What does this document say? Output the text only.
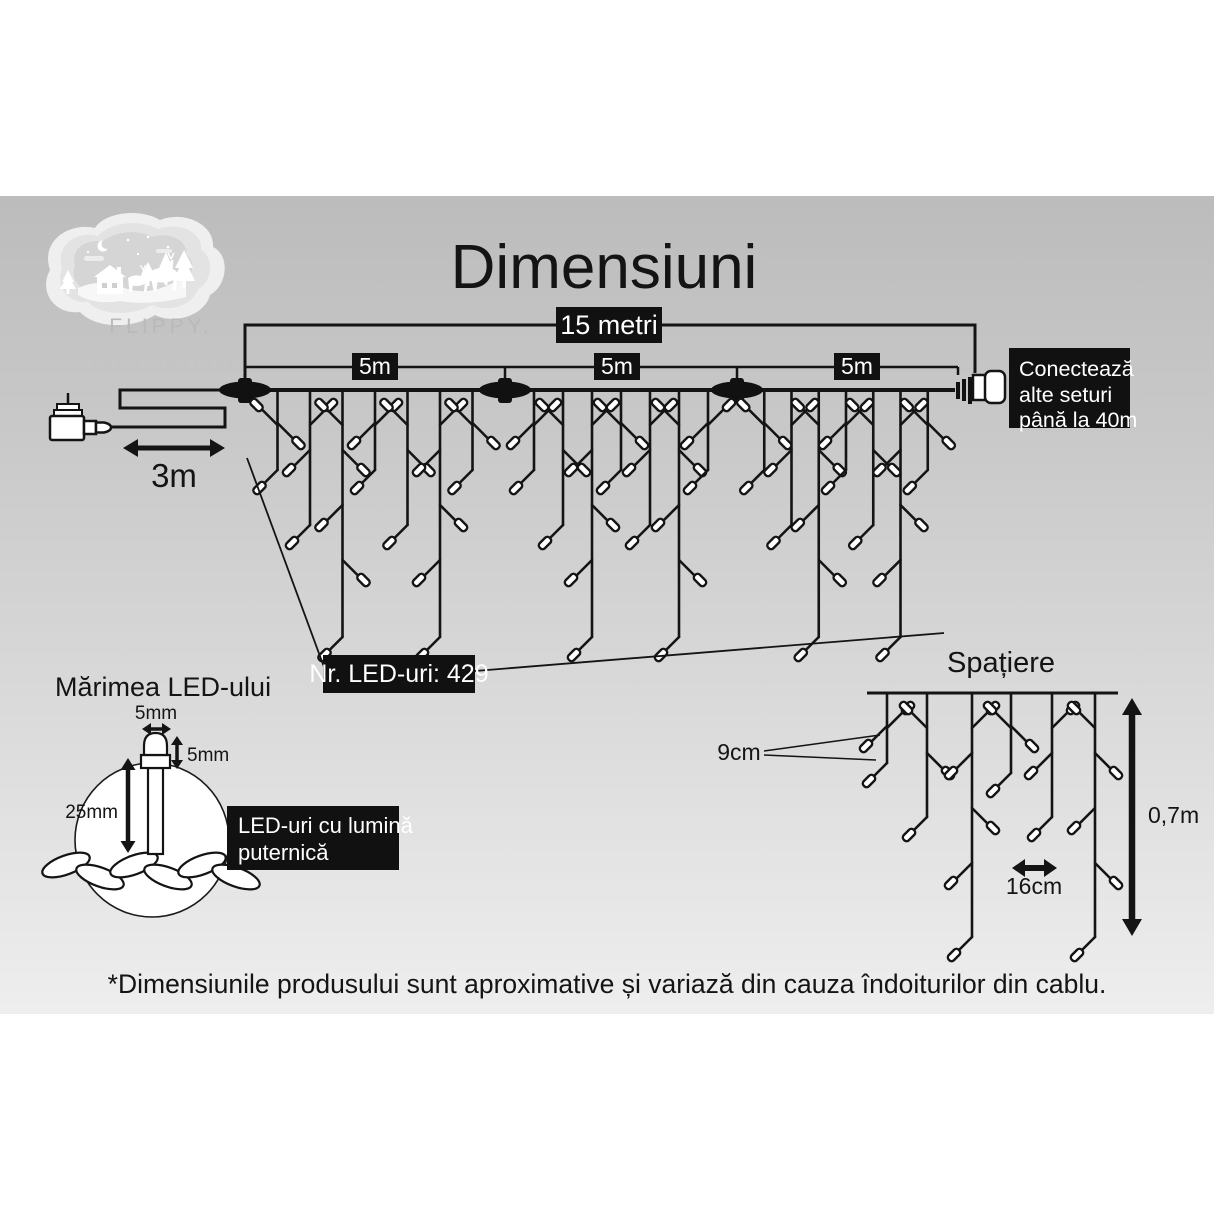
FLIPPY.
christmas
Dimensiuni
15 metri
5m	5m	5m
3m
Nr. LED-uri: 429
Conectează
alte seturi
până la 40m
Mărimea LED-ului
5mm
5mm
25mm
LED-uri cu lumină
puternică
Spațiere
9cm
16cm
0,7m
*Dimensiunile produsului sunt aproximative și variază din cauza îndoiturilor din cablu.
